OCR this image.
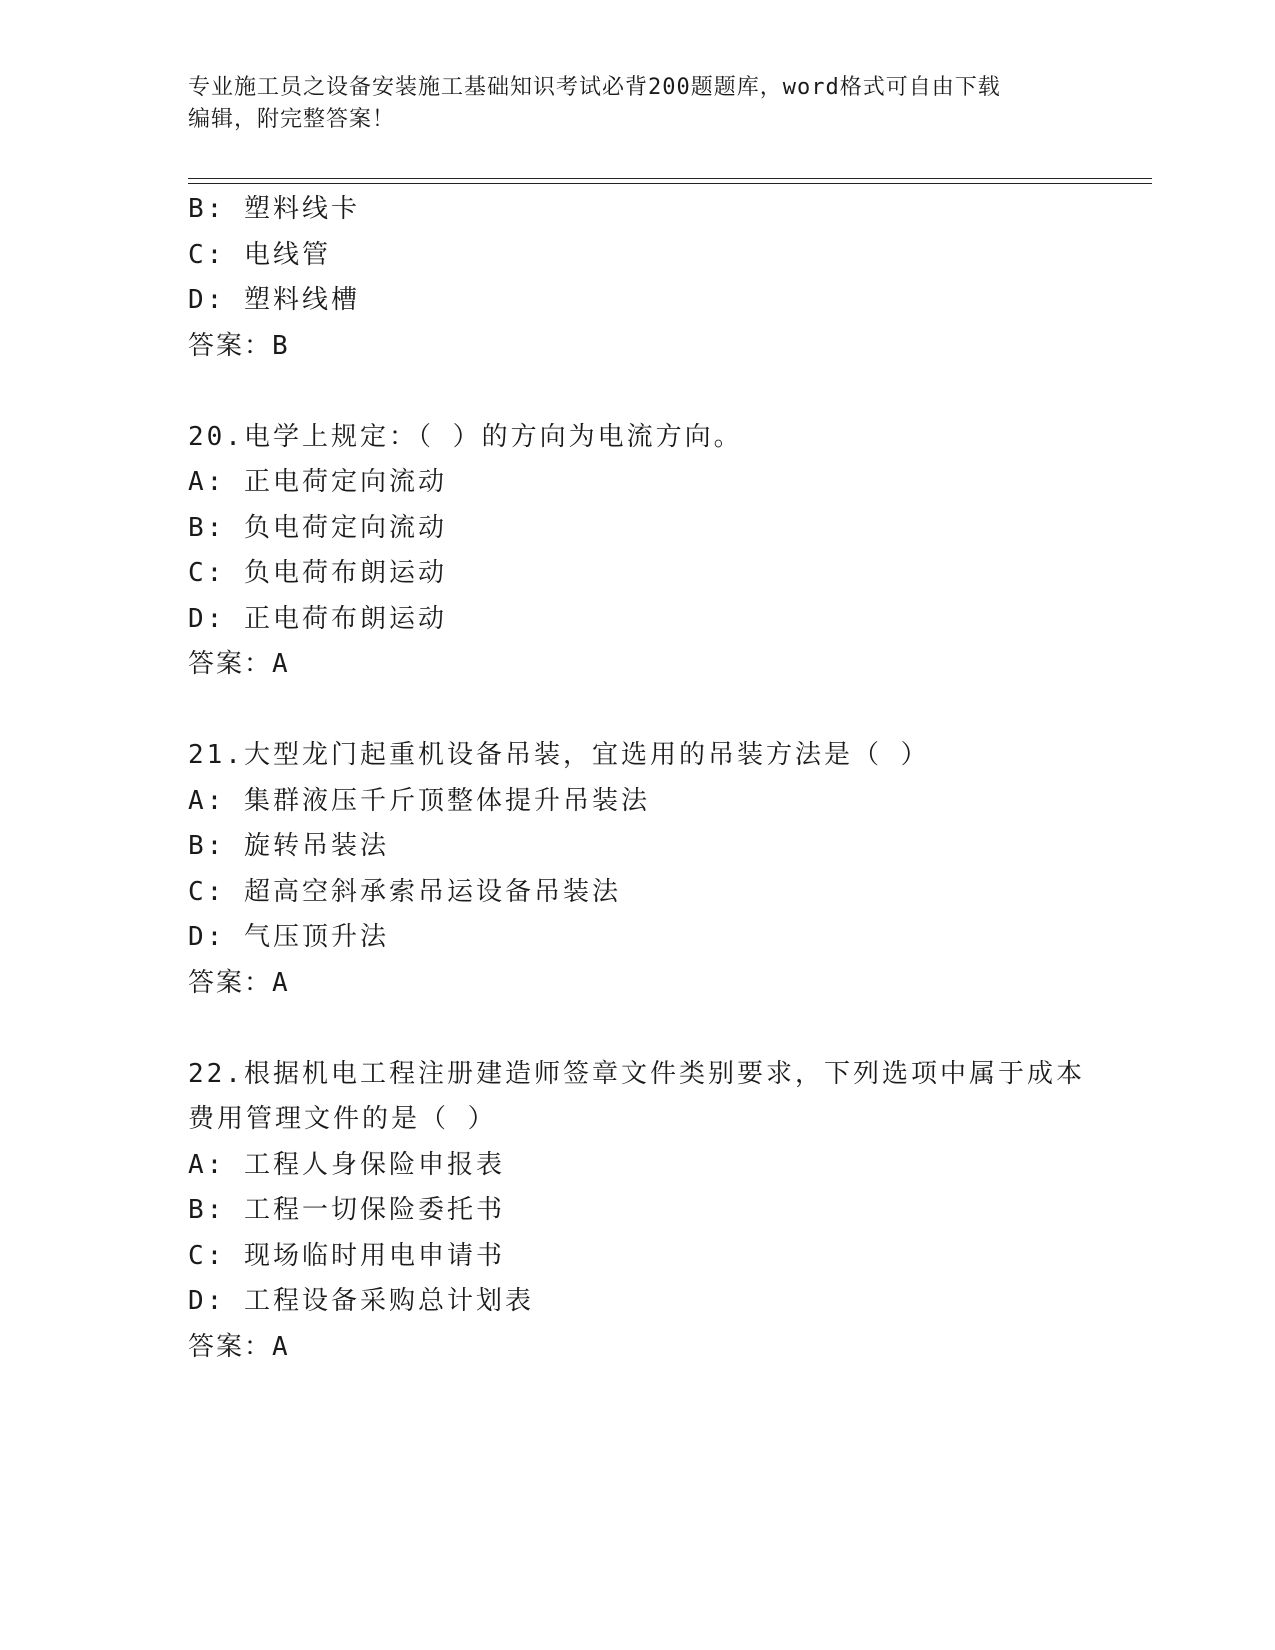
专业施工员之设备安装施工基础知识考试必背200题题库，word格式可自由下载
编辑，附完整答案！
B: 塑料线卡
C: 电线管
D: 塑料线槽
答案：B
20.电学上规定：（ ）的方向为电流方向。
A: 正电荷定向流动
B: 负电荷定向流动
C: 负电荷布朗运动
D: 正电荷布朗运动
答案：A
21.大型龙门起重机设备吊装，宜选用的吊装方法是（ ）
A: 集群液压千斤顶整体提升吊装法
B: 旋转吊装法
C: 超高空斜承索吊运设备吊装法
D: 气压顶升法
答案：A
22.根据机电工程注册建造师签章文件类别要求，下列选项中属于成本
费用管理文件的是（ ）
A: 工程人身保险申报表
B: 工程一切保险委托书
C: 现场临时用电申请书
D: 工程设备采购总计划表
答案：A
